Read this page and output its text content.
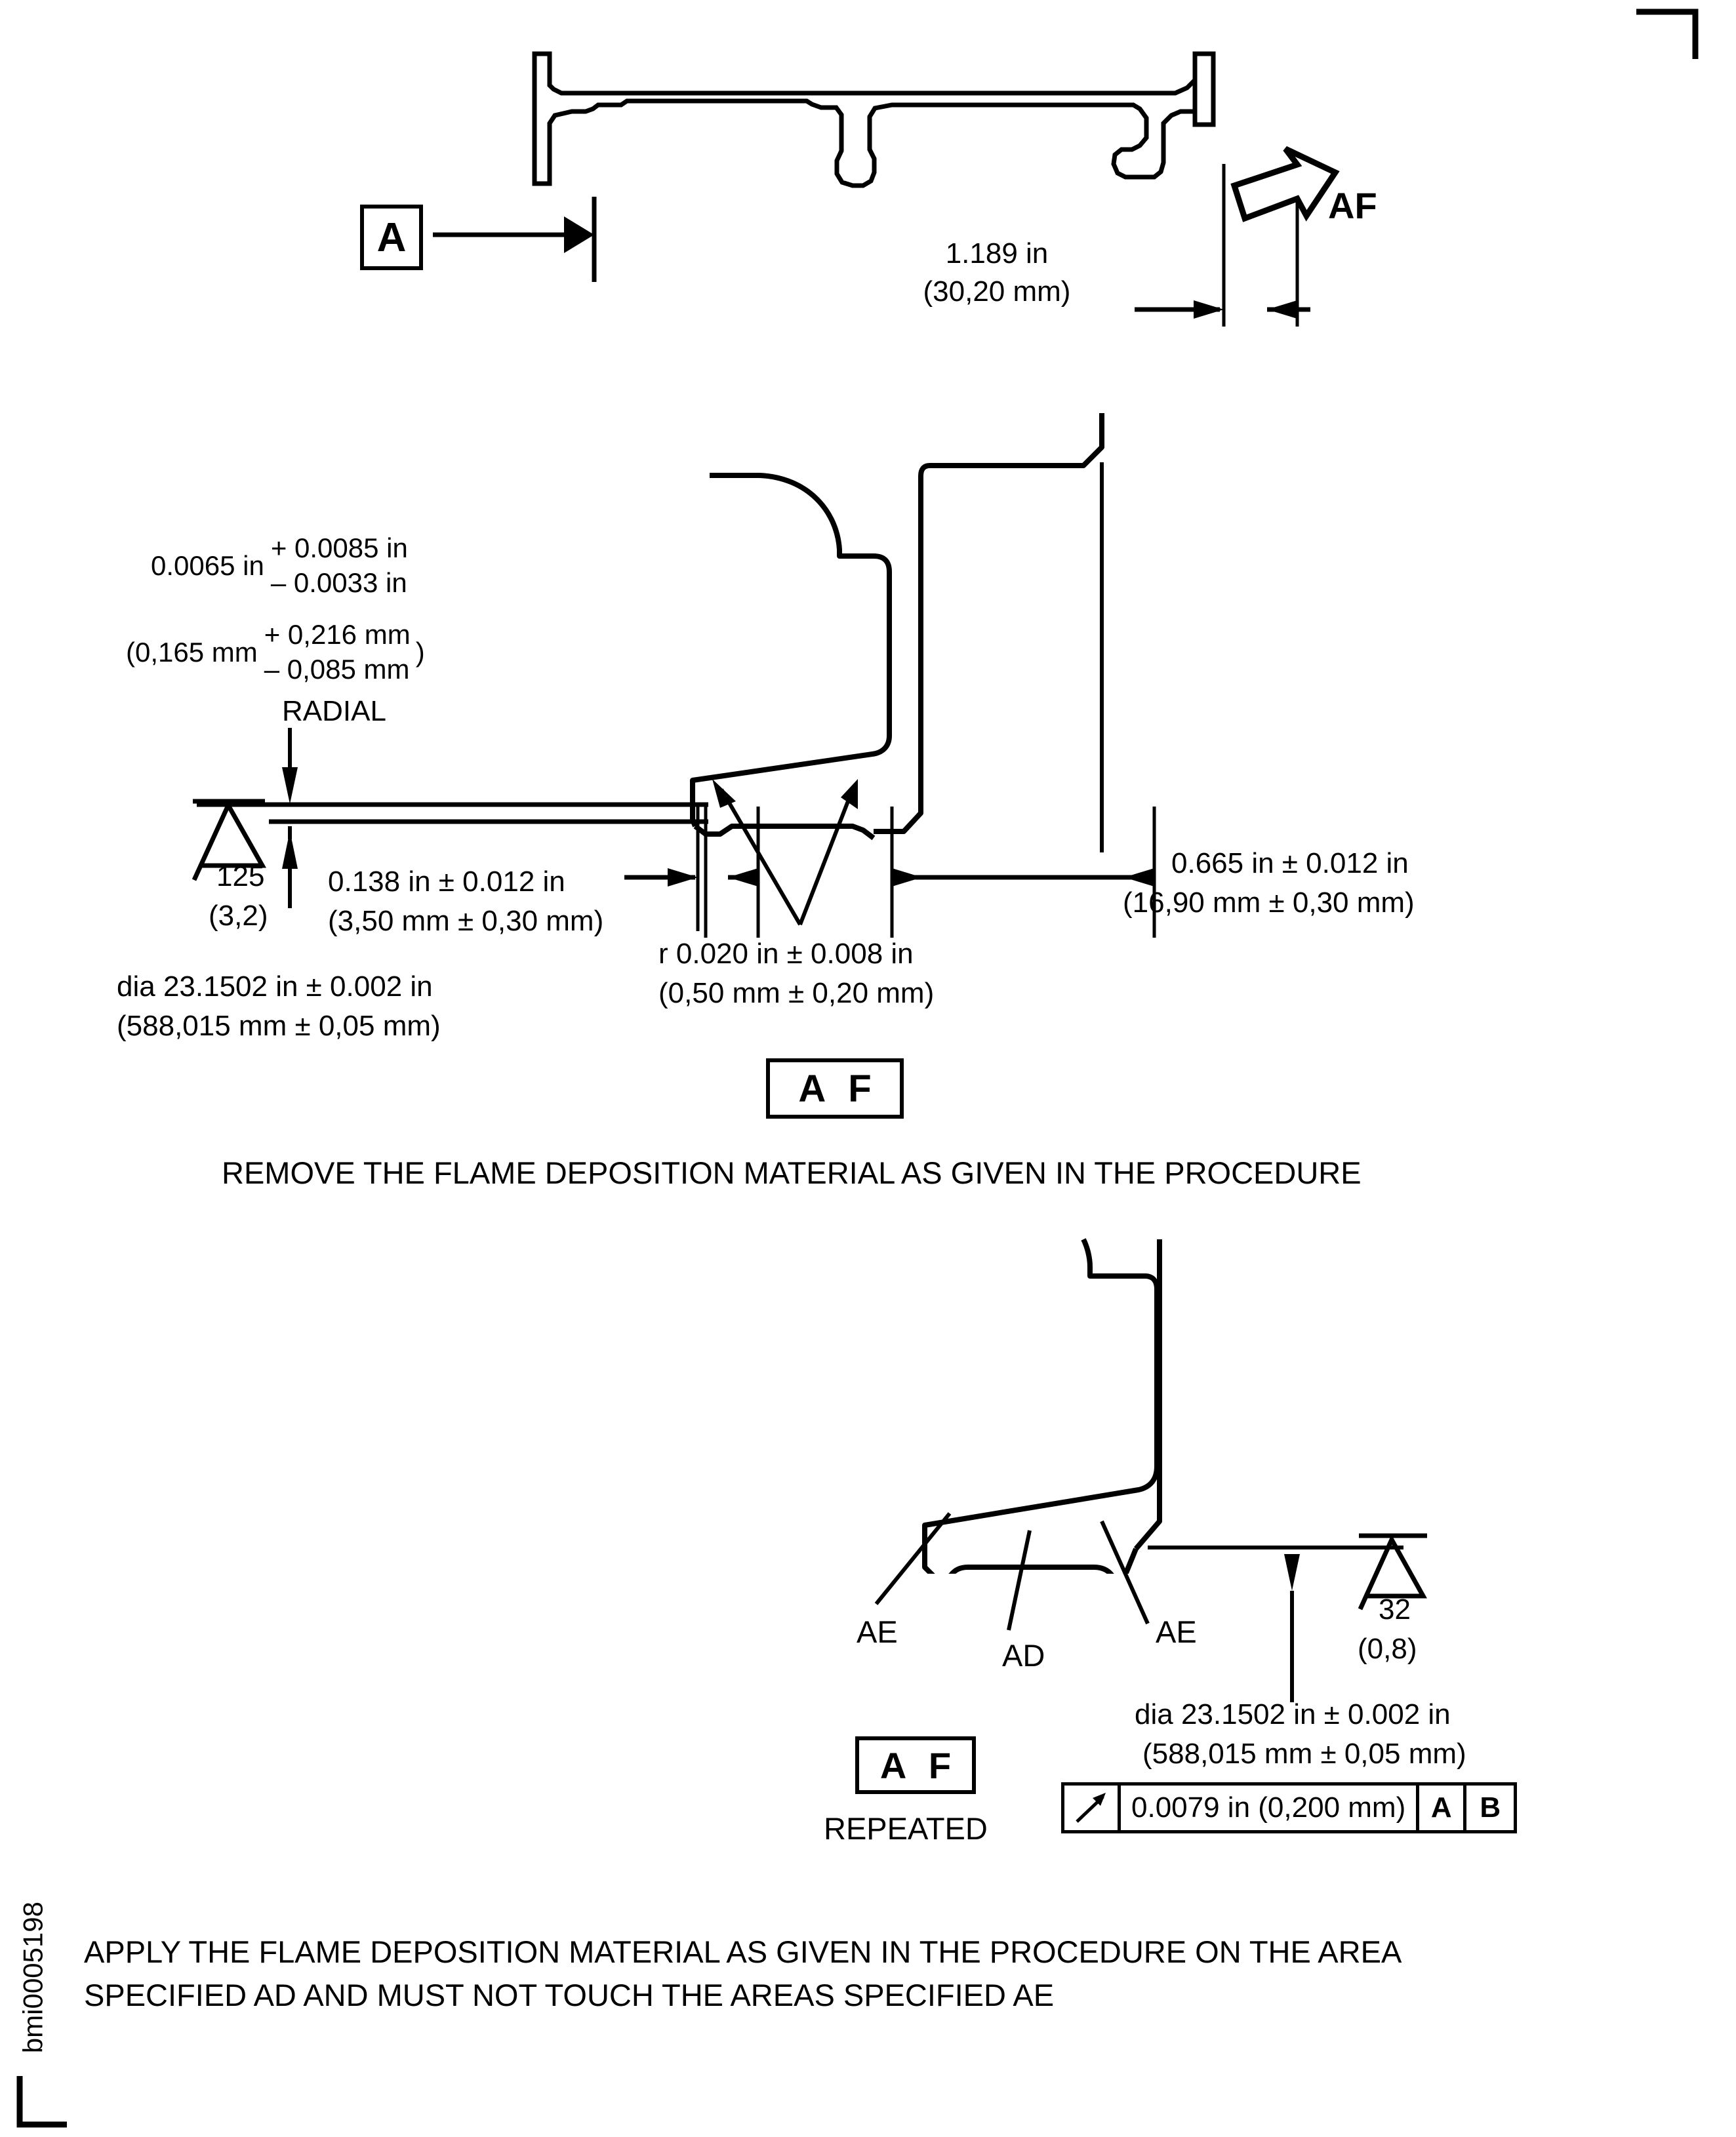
A	1.189 in
(30,20 mm)
AF
0.0065 in
+ 0.0085 in
– 0.0033 in
(0,165 mm
+ 0,216 mm
– 0,085 mm
)
RADIAL
125
(3,2)
0.138 in ± 0.012 in
(3,50 mm ± 0,30 mm)
r 0.020 in ± 0.008 in
(0,50 mm ± 0,20 mm)
0.665 in ± 0.012 in
(16,90 mm ± 0,30 mm)
dia 23.1502 in ± 0.002 in
(588,015 mm ± 0,05 mm)
A F
REMOVE THE FLAME DEPOSITION MATERIAL AS GIVEN IN THE PROCEDURE
AE
AD
AE
32
(0,8)
dia 23.1502 in ± 0.002 in
(588,015 mm ± 0,05 mm)
A F
REPEATED
0.0079 in (0,200 mm) A B
APPLY THE FLAME DEPOSITION MATERIAL AS GIVEN IN THE PROCEDURE ON THE AREA
SPECIFIED AD AND MUST NOT TOUCH THE AREAS SPECIFIED AE
bmi0005198
